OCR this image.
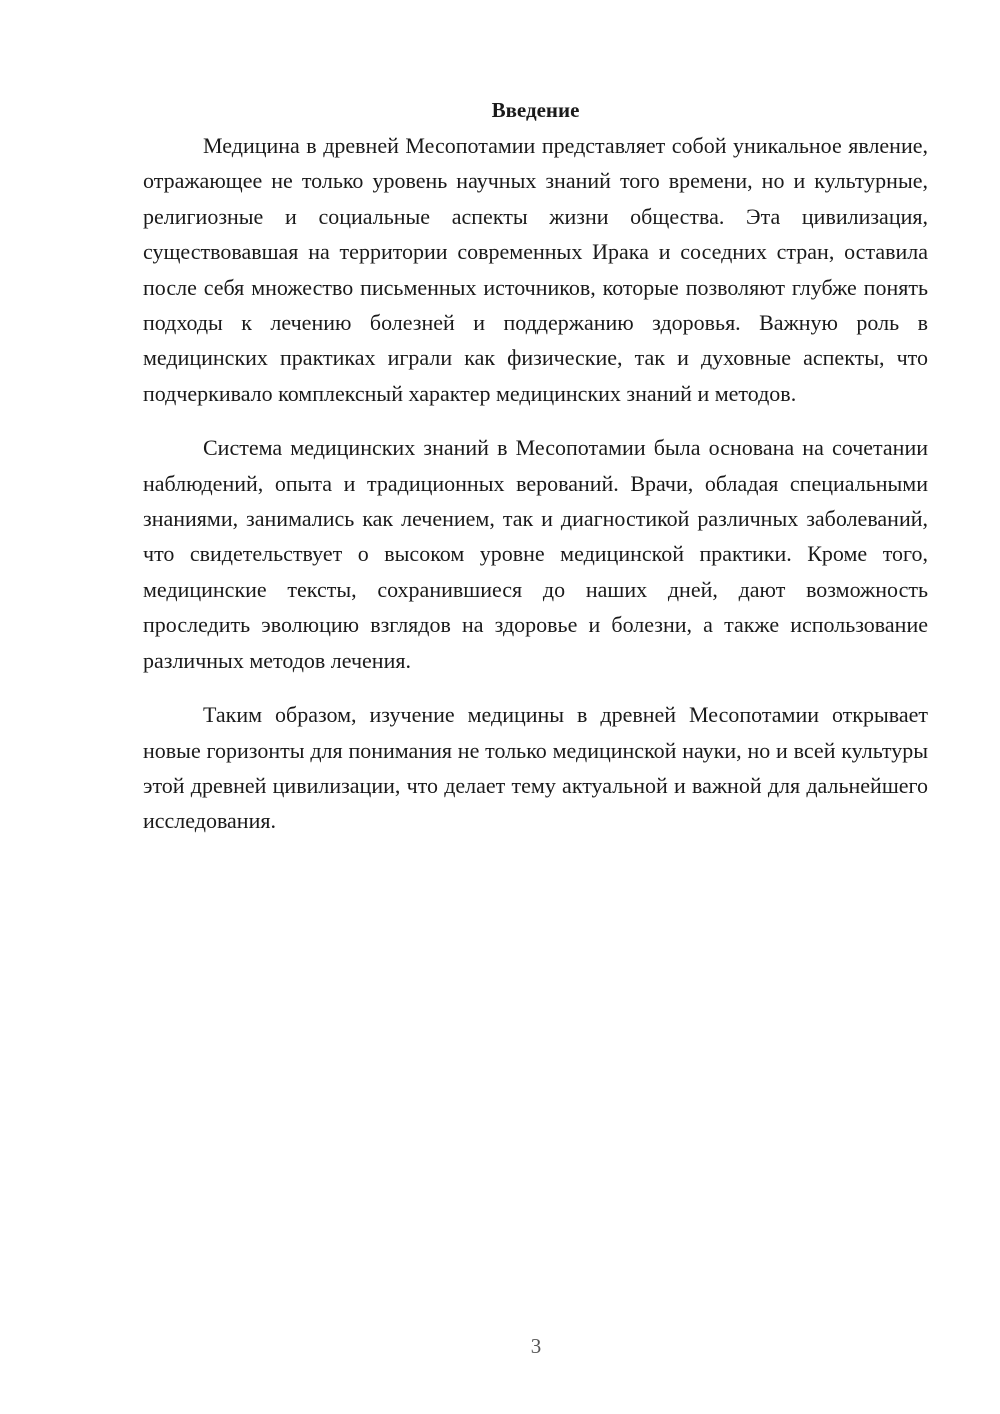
Введение

Медицина в древней Месопотамии представляет собой уникальное явление, отражающее не только уровень научных знаний того времени, но и культурные, религиозные и социальные аспекты жизни общества. Эта цивилизация, существовавшая на территории современных Ирака и соседних стран, оставила после себя множество письменных источников, которые позволяют глубже понять подходы к лечению болезней и поддержанию здоровья. Важную роль в медицинских практиках играли как физические, так и духовные аспекты, что подчеркивало комплексный характер медицинских знаний и методов.

Система медицинских знаний в Месопотамии была основана на сочетании наблюдений, опыта и традиционных верований. Врачи, обладая специальными знаниями, занимались как лечением, так и диагностикой различных заболеваний, что свидетельствует о высоком уровне медицинской практики. Кроме того, медицинские тексты, сохранившиеся до наших дней, дают возможность проследить эволюцию взглядов на здоровье и болезни, а также использование различных методов лечения.

Таким образом, изучение медицины в древней Месопотамии открывает новые горизонты для понимания не только медицинской науки, но и всей культуры этой древней цивилизации, что делает тему актуальной и важной для дальнейшего исследования.

3
